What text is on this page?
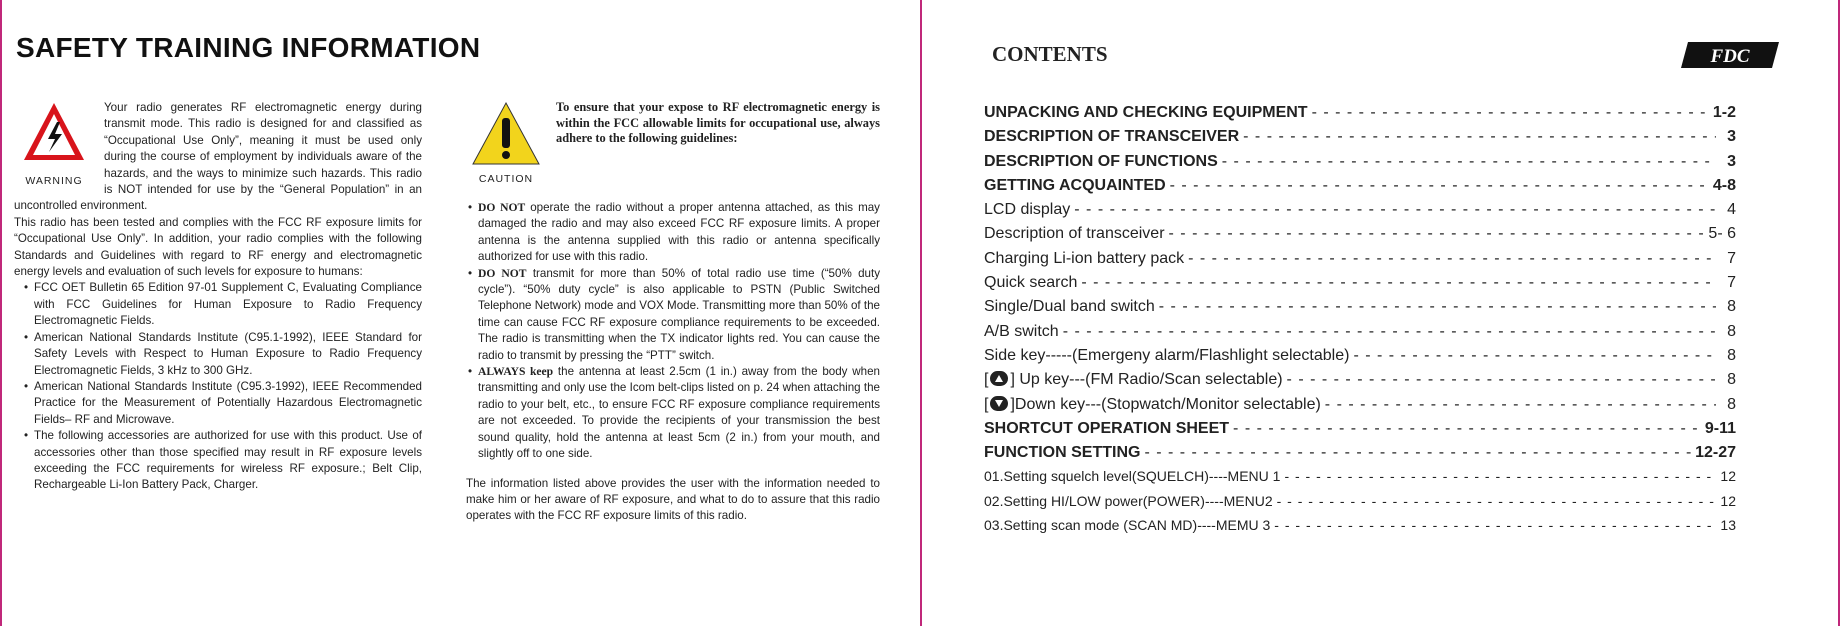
SAFETY TRAINING INFORMATION
WARNING

Your radio generates RF electromagnetic energy during transmit mode. This radio is designed for and classified as “Occupational Use Only”, meaning it must be used only during the course of employment by individuals aware of the hazards, and the ways to minimize such hazards. This radio is NOT intended for use by the “General Population” in an uncontrolled environment.

This radio has been tested and complies with the FCC RF exposure limits for “Occupational Use Only”. In addition, your radio complies with the following Standards and Guidelines with regard to RF energy and electromagnetic energy levels and evaluation of such levels for exposure to humans:

• FCC OET Bulletin 65 Edition 97-01 Supplement C, Evaluating Compliance with FCC Guidelines for Human Exposure to Radio Frequency Electromagnetic Fields.
• American National Standards Institute (C95.1-1992), IEEE Standard for Safety Levels with Respect to Human Exposure to Radio Frequency Electromagnetic Fields, 3 kHz to 300 GHz.
• American National Standards Institute (C95.3-1992), IEEE Recommended Practice for the Measurement of Potentially Hazardous Electromagnetic Fields– RF and Microwave.
• The following accessories are authorized for use with this product. Use of accessories other than those specified may result in RF exposure levels exceeding the FCC requirements for wireless RF exposure.; Belt Clip, Rechargeable Li-Ion Battery Pack, Charger.
CAUTION

To ensure that your expose to RF electromagnetic energy is within the FCC allowable limits for occupational use, always adhere to the following guidelines:

• DO NOT operate the radio without a proper antenna attached, as this may damaged the radio and may also exceed FCC RF exposure limits. A proper antenna is the antenna supplied with this radio or antenna specifically authorized for use with this radio.
• DO NOT transmit for more than 50% of total radio use time (“50% duty cycle”). “50% duty cycle” is also applicable to PSTN (Public Switched Telephone Network) mode and VOX Mode. Transmitting more than 50% of the time can cause FCC RF exposure compliance requirements to be exceeded. The radio is transmitting when the TX indicator lights red. You can cause the radio to transmit by pressing the “PTT” switch.
• ALWAYS keep the antenna at least 2.5cm (1 in.) away from the body when transmitting and only use the Icom belt-clips listed on p. 24 when attaching the radio to your belt, etc., to ensure FCC RF exposure compliance requirements are not exceeded. To provide the recipients of your transmission the best sound quality, hold the antenna at least 5cm (2 in.) from your mouth, and slightly off to one side.

The information listed above provides the user with the information needed to make him or her aware of RF exposure, and what to do to assure that this radio operates with the FCC RF exposure limits of this radio.

CONTENTS	FDC
UNPACKING AND CHECKING EQUIPMENT - - -	1-2
DESCRIPTION OF TRANSCEIVER - - -	3
DESCRIPTION OF FUNCTIONS - - -	3
GETTING ACQUAINTED - - -	4-8
LCD display - - -	4
Description of transceiver - - -	5- 6
Charging Li-ion battery pack - - -	7
Quick search - - -	7
Single/Dual band switch - - -	8
A/B switch - - -	8
Side key-----(Emergeny alarm/Flashlight selectable) - - -	8
[ ] Up key---(FM Radio/Scan selectable) - - -	8
[ ]Down key---(Stopwatch/Monitor selectable) - - -	8
SHORTCUT OPERATION SHEET - - -	9-11
FUNCTION SETTING - - -	12-27
01.Setting squelch level(SQUELCH)----MENU 1 - - -	12
02.Setting HI/LOW power(POWER)----MENU2 - - -	12
03.Setting scan mode (SCAN MD)----MEMU 3 - - -	13
